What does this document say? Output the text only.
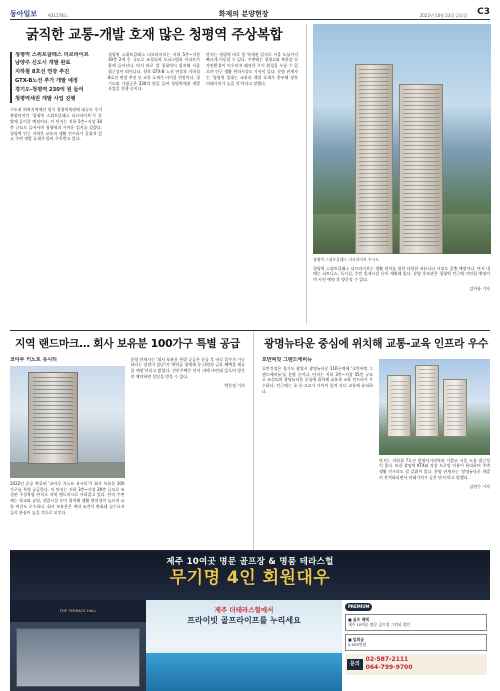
동아일보	제31178호	화제의 분양현장	2022년 10월 23일 금요일 C3
굵직한 교통-개발 호재 많은 청평역 주상복합
청평역 스위트클래스 더르라이브
남양주 신도시 개발 완료
지하철 8호선 연장 추진
GTX-B노선 추가 개발 예정
경기도-청평역 230억 원 들여
청평역세권 개발 사업 진행

수도권 외곽지역에선 광기 청평역세권에 대규모 주거복합단지인 '청평역 스위트클래스 더르라이브'가 분양에 들어갈 예정이다. 이 단지는 지하 5층~지상 30층 규모로 들어서며 청평역과 가까운 입지를 갖췄다. 청평역 인근 지역은 교통과 생활 인프라가 갖춰져 있고 주변 개발 호재가 많아 주목받고 있다.

청평역 스위트클래스 더르라이브는 지하 5층~지상 30층 2개 동 규모로 조성되며 오피스텔과 아파트가 함께 들어선다. 단지 바로 앞 청평역이 위치해 서울 접근성이 뛰어나다. 향후 GTX-B 노선 연장과 지하철 8호선 연장 추진 등 교통 호재가 이어질 전망이다. 경기도와 가평군은 230억 원을 들여 청평역세권 개발 사업을 진행 중이다.

단지는 청평역 바로 앞 역세권 입지로 서울 도심까지 빠르게 이동할 수 있다. 주변에는 청평호와 북한강 등 자연환경이 어우러져 쾌적한 주거 환경을 누릴 수 있으며 인근 생활 편의시설도 가까이 있다. 분양 관계자는 '청평역 일대는 교통과 개발 호재가 풍부해 향후 미래가치가 높을 것'이라고 말했다.

청평역 스위트클래스 더르라이브 투시도

청평역 스위트클래스 더르라이브는 생활 편의를 위한 다양한 커뮤니티 시설도 갖출 예정이다. 단지 내에는 피트니스, 독서실, 주민 휴게시설 등이 계획돼 있다. 분양 홍보관은 청평역 인근에 마련될 예정이며 사전 예약 후 방문할 수 있다.

김아름 기자
지역 랜드마크… 회사 보유분 100가구 특별 공급
코아루 키노트 유시티

2022년 준공 완료된 '코아루 키노트 유시티'가 회사 보유분 100가구를 특별 공급한다. 이 단지는 지하 3층~지상 29층 규모로 조성된 주상복합 단지로 지역 랜드마크로 자리잡고 있다. 단지 주변에는 학교와 공원, 상업시설 등이 위치해 생활 편의성이 높으며 교통 여건도 우수하다. 회사 보유분은 계약 조건이 완화돼 실수요자들의 관심이 높을 것으로 보인다.

분양 관계자는 '회사 보유분 특별 공급은 준공 후 바로 입주가 가능하다는 장점이 있다'며 '계약금 정액제 등 다양한 금융 혜택을 제공할 예정'이라고 밝혔다. 견본주택은 단지 내에 마련돼 있으며 방문 전 예약하면 상담을 받을 수 있다.

박은정 기자
광명뉴타운 중심에 위치해 교통-교육 인프라 우수
호반써밋 그랜드에비뉴

호반건설은 경기도 광명시 광명뉴타운 11R구역에 '호반써밋 그랜드에비뉴'를 분양 중이다. 단지는 지하 3층~지상 35층 규모로 조성되며 광명뉴타운 중심에 위치해 교통과 교육 인프라가 우수하다. 인근에는 초·중·고교가 가까이 있어 자녀 교육에 유리하다.

단지는 지하철 7호선 광명사거리역과 가깝고 서울 도심 접근성이 좋다. 또한 광명역 KTX와 각종 도로망 이용이 편리하며 주변 생활 인프라도 잘 갖춰져 있다. 분양 관계자는 '광명뉴타운 개발이 본격화되면서 미래가치가 높은 단지'라고 말했다.

김연수 기자
제주 10여곳 명문 골프장 & 명품 테라스헐
무기명 4인 회원대우
THE TERRACE HALL	제주 더테라스헐에서
프라이빗 골프라이프를 누리세요
PREMIUM
■ 골프 혜택
제주 10여곳 명문 골프장 그린피 할인
■ 입회금
2,000만원
문의
02-587-2111
064-799-9700
